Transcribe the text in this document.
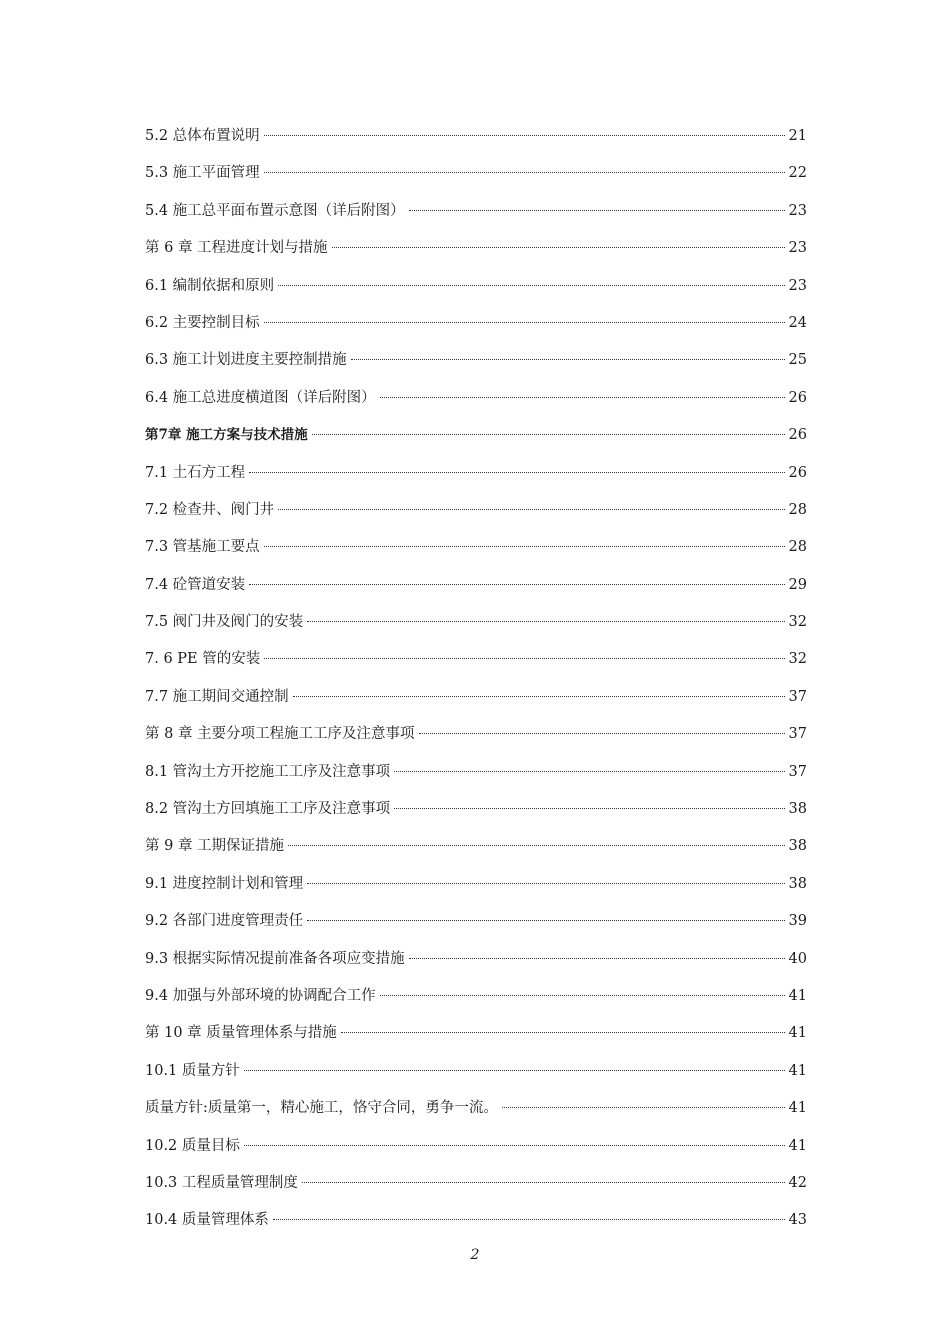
5.2 总体布置说明	21
5.3 施工平面管理	22
5.4 施工总平面布置示意图（详后附图）	23
第 6 章 工程进度计划与措施	23
6.1 编制依据和原则	23
6.2 主要控制目标	24
6.3 施工计划进度主要控制措施	25
6.4 施工总进度横道图（详后附图）	26
第7章 施工方案与技术措施	26
7.1 土石方工程	26
7.2 检查井、阀门井	28
7.3 管基施工要点	28
7.4 砼管道安装	29
7.5 阀门井及阀门的安装	32
7. 6 PE 管的安装	32
7.7 施工期间交通控制	37
第 8 章 主要分项工程施工工序及注意事项	37
8.1 管沟土方开挖施工工序及注意事项	37
8.2 管沟土方回填施工工序及注意事项	38
第 9 章 工期保证措施	38
9.1 进度控制计划和管理	38
9.2 各部门进度管理责任	39
9.3 根据实际情况提前准备各项应变措施	40
9.4 加强与外部环境的协调配合工作	41
第 10 章 质量管理体系与措施	41
10.1 质量方针	41
质量方针:质量第一，精心施工，恪守合同，勇争一流。	41
10.2 质量目标	41
10.3 工程质量管理制度	42
10.4 质量管理体系	43
2
